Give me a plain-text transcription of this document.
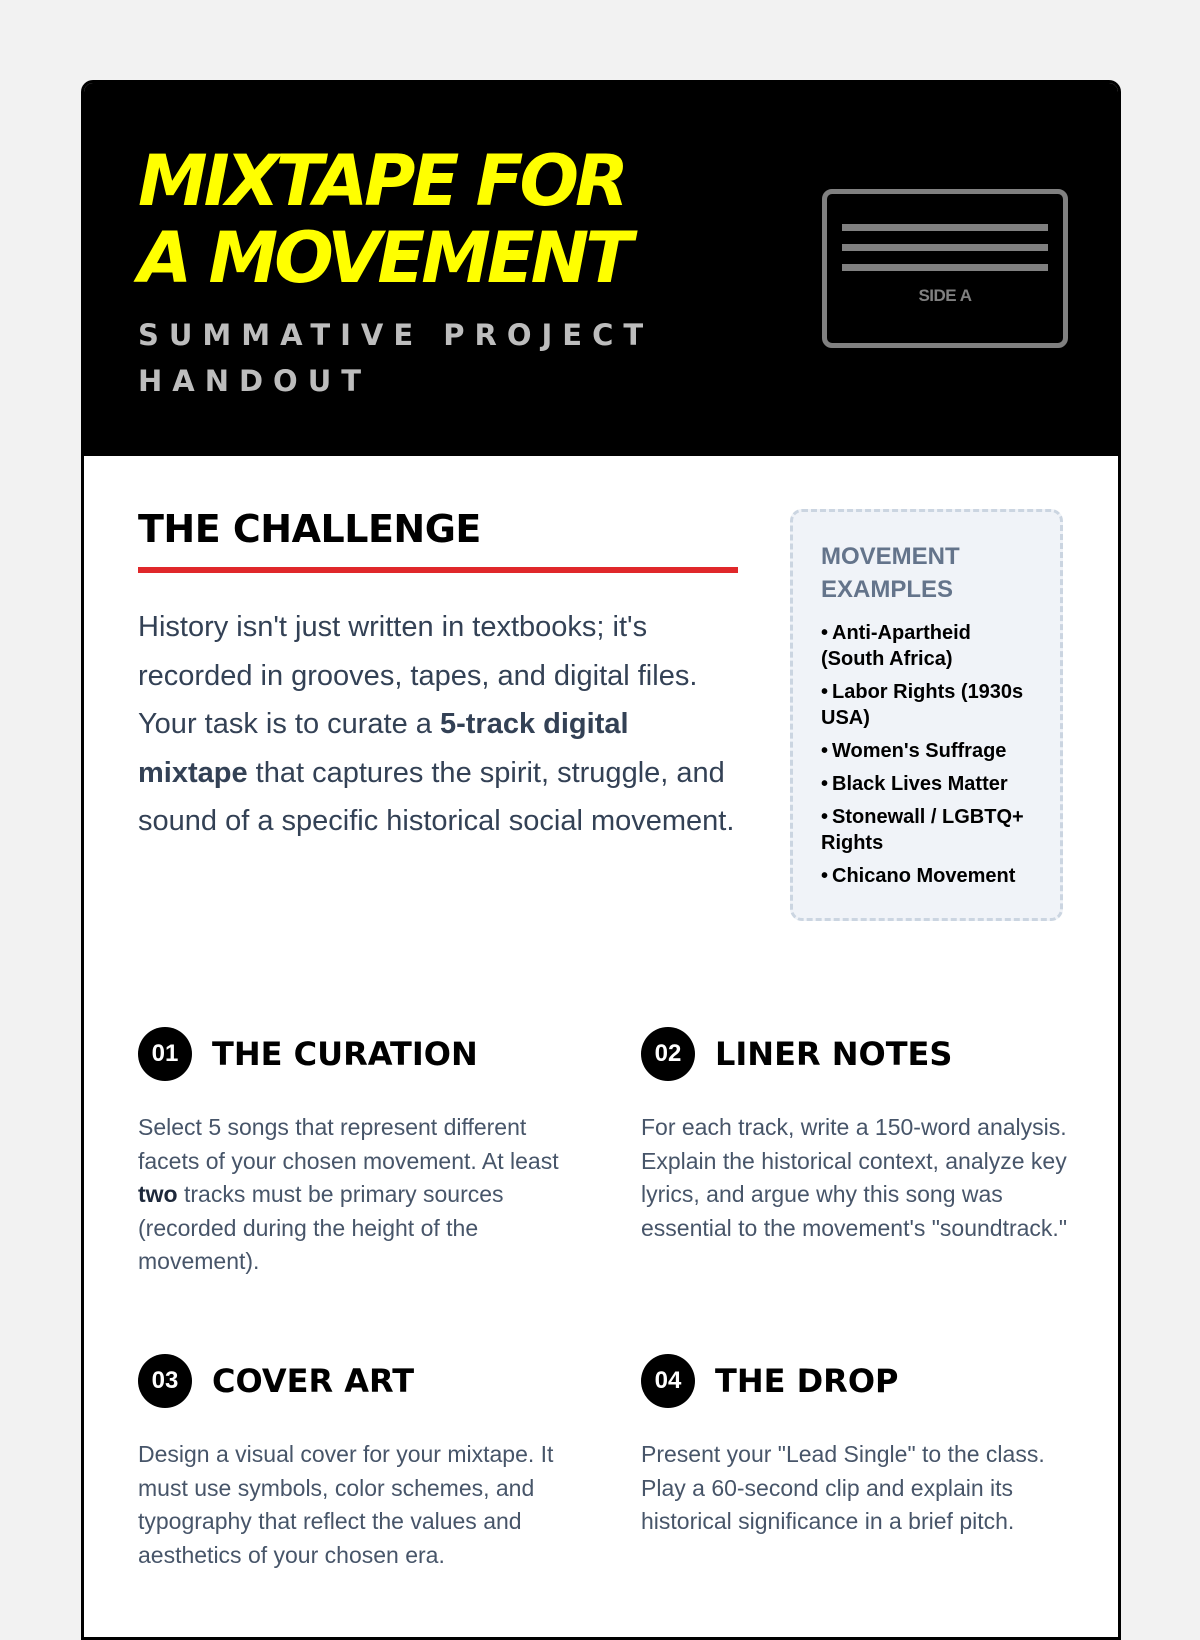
MIXTAPE FOR
A MOVEMENT
SUMMATIVE PROJECT
HANDOUT
SIDE A
THE CHALLENGE

History isn't just written in textbooks; it's recorded in grooves, tapes, and digital files. Your task is to curate a 5-track digital mixtape that captures the spirit, struggle, and sound of a specific historical social movement.

MOVEMENT EXAMPLES
• Anti-Apartheid (South Africa)
• Labor Rights (1930s USA)
• Women's Suffrage
• Black Lives Matter
• Stonewall / LGBTQ+ Rights
• Chicano Movement
01	THE CURATION

Select 5 songs that represent different facets of your chosen movement. At least two tracks must be primary sources (recorded during the height of the movement).

02	LINER NOTES

For each track, write a 150-word analysis. Explain the historical context, analyze key lyrics, and argue why this song was essential to the movement's "soundtrack."

03	COVER ART

Design a visual cover for your mixtape. It must use symbols, color schemes, and typography that reflect the values and aesthetics of your chosen era.

04	THE DROP

Present your "Lead Single" to the class. Play a 60-second clip and explain its historical significance in a brief pitch.
